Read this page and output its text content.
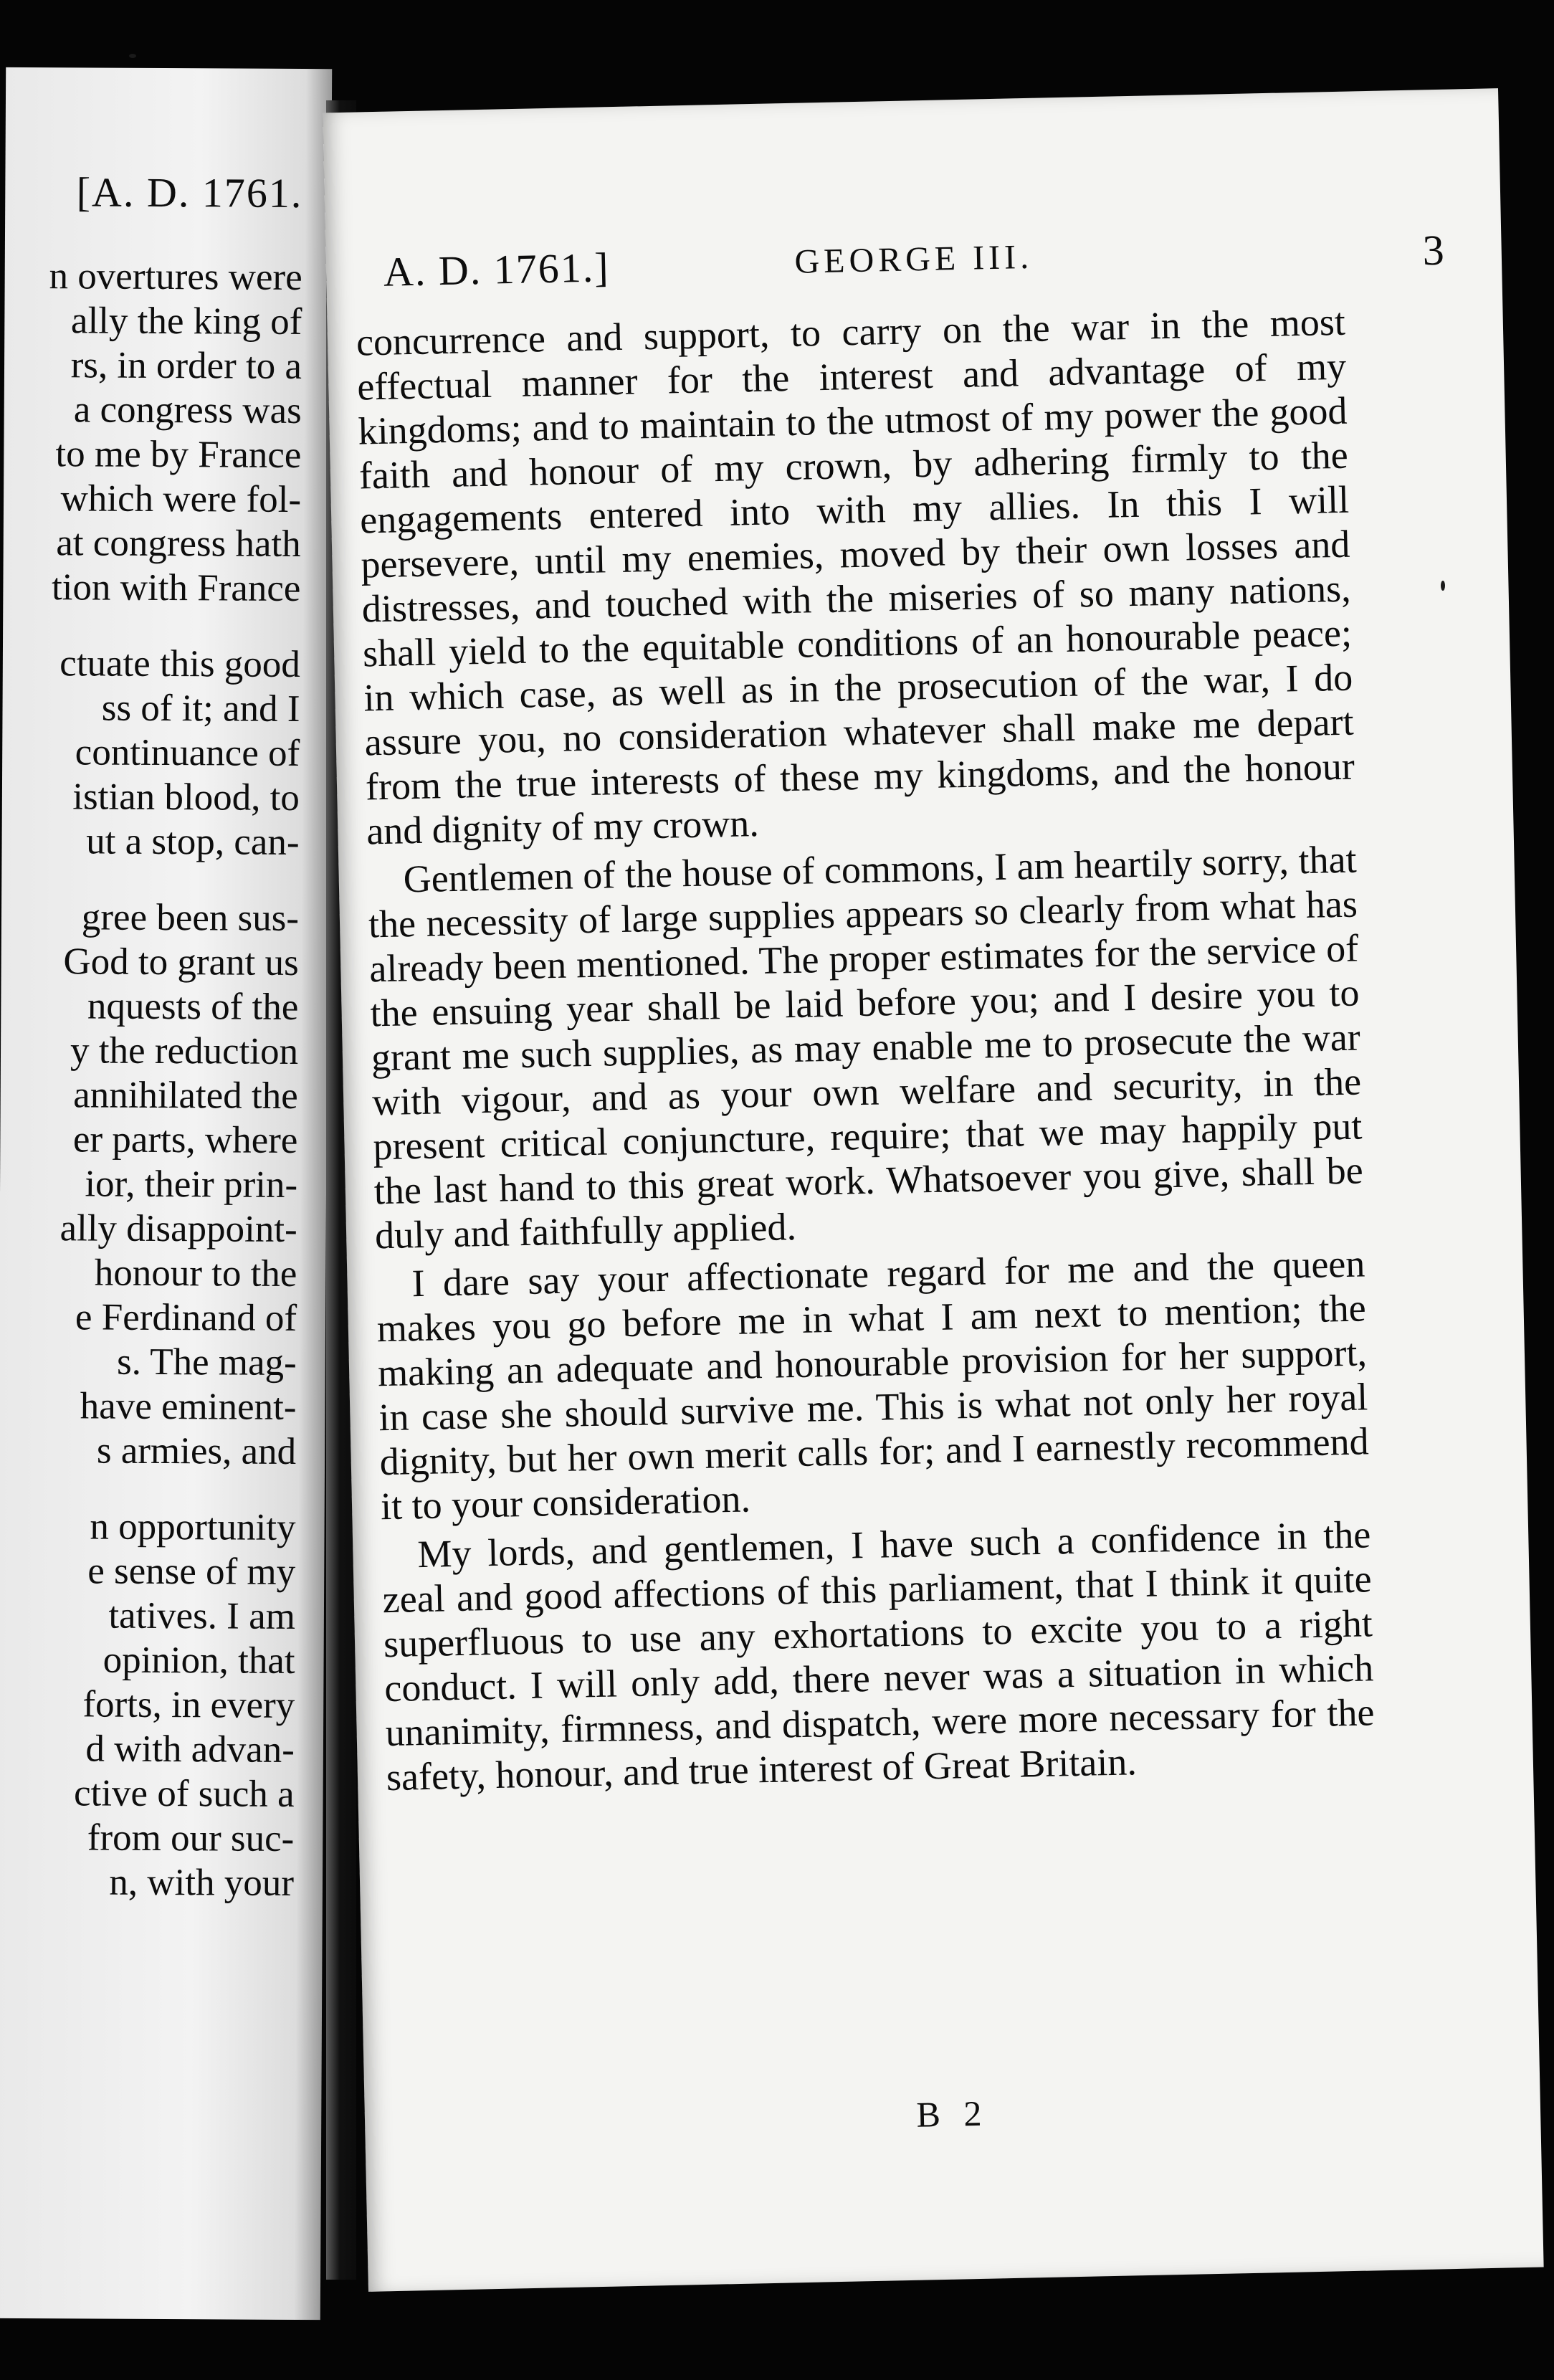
[A. D. 1761.
n overtures were
ally the king of
rs, in order to a
a congress was
to me by France
which were fol-
at congress hath
tion with France
ctuate this good
ss of it; and I
continuance of
istian blood, to
ut a stop, can-
gree been sus-
God to grant us
nquests of the
y the reduction
annihilated the
er parts, where
ior, their prin-
ally disappoint-
honour to the
e Ferdinand of
s. The mag-
have eminent-
s armies, and
n opportunity
e sense of my
tatives. I am
opinion, that
forts, in every
d with advan-
ctive of such a
from our suc-
n, with your
A. D. 1761.]	GEORGE III.	3

concurrence and support, to carry on the war in the most effectual manner for the interest and advantage of my kingdoms; and to maintain to the utmost of my power the good faith and honour of my crown, by adhering firmly to the engagements entered into with my allies. In this I will persevere, until my enemies, moved by their own losses and distresses, and touched with the miseries of so many nations, shall yield to the equitable conditions of an honourable peace; in which case, as well as in the prosecution of the war, I do assure you, no consideration whatever shall make me depart from the true interests of these my kingdoms, and the honour and dignity of my crown.

Gentlemen of the house of commons, I am heartily sorry, that the necessity of large supplies appears so clearly from what has already been mentioned. The proper estimates for the service of the ensuing year shall be laid before you; and I desire you to grant me such supplies, as may enable me to prosecute the war with vigour, and as your own welfare and security, in the present critical conjuncture, require; that we may happily put the last hand to this great work. Whatsoever you give, shall be duly and faithfully applied.

I dare say your affectionate regard for me and the queen makes you go before me in what I am next to mention; the making an adequate and honourable provision for her support, in case she should survive me. This is what not only her royal dignity, but her own merit calls for; and I earnestly recommend it to your consideration.

My lords, and gentlemen, I have such a confidence in the zeal and good affections of this parliament, that I think it quite superfluous to use any exhortations to excite you to a right conduct. I will only add, there never was a situation in which unanimity, firmness, and dispatch, were more necessary for the safety, honour, and true interest of Great Britain.

B 2
